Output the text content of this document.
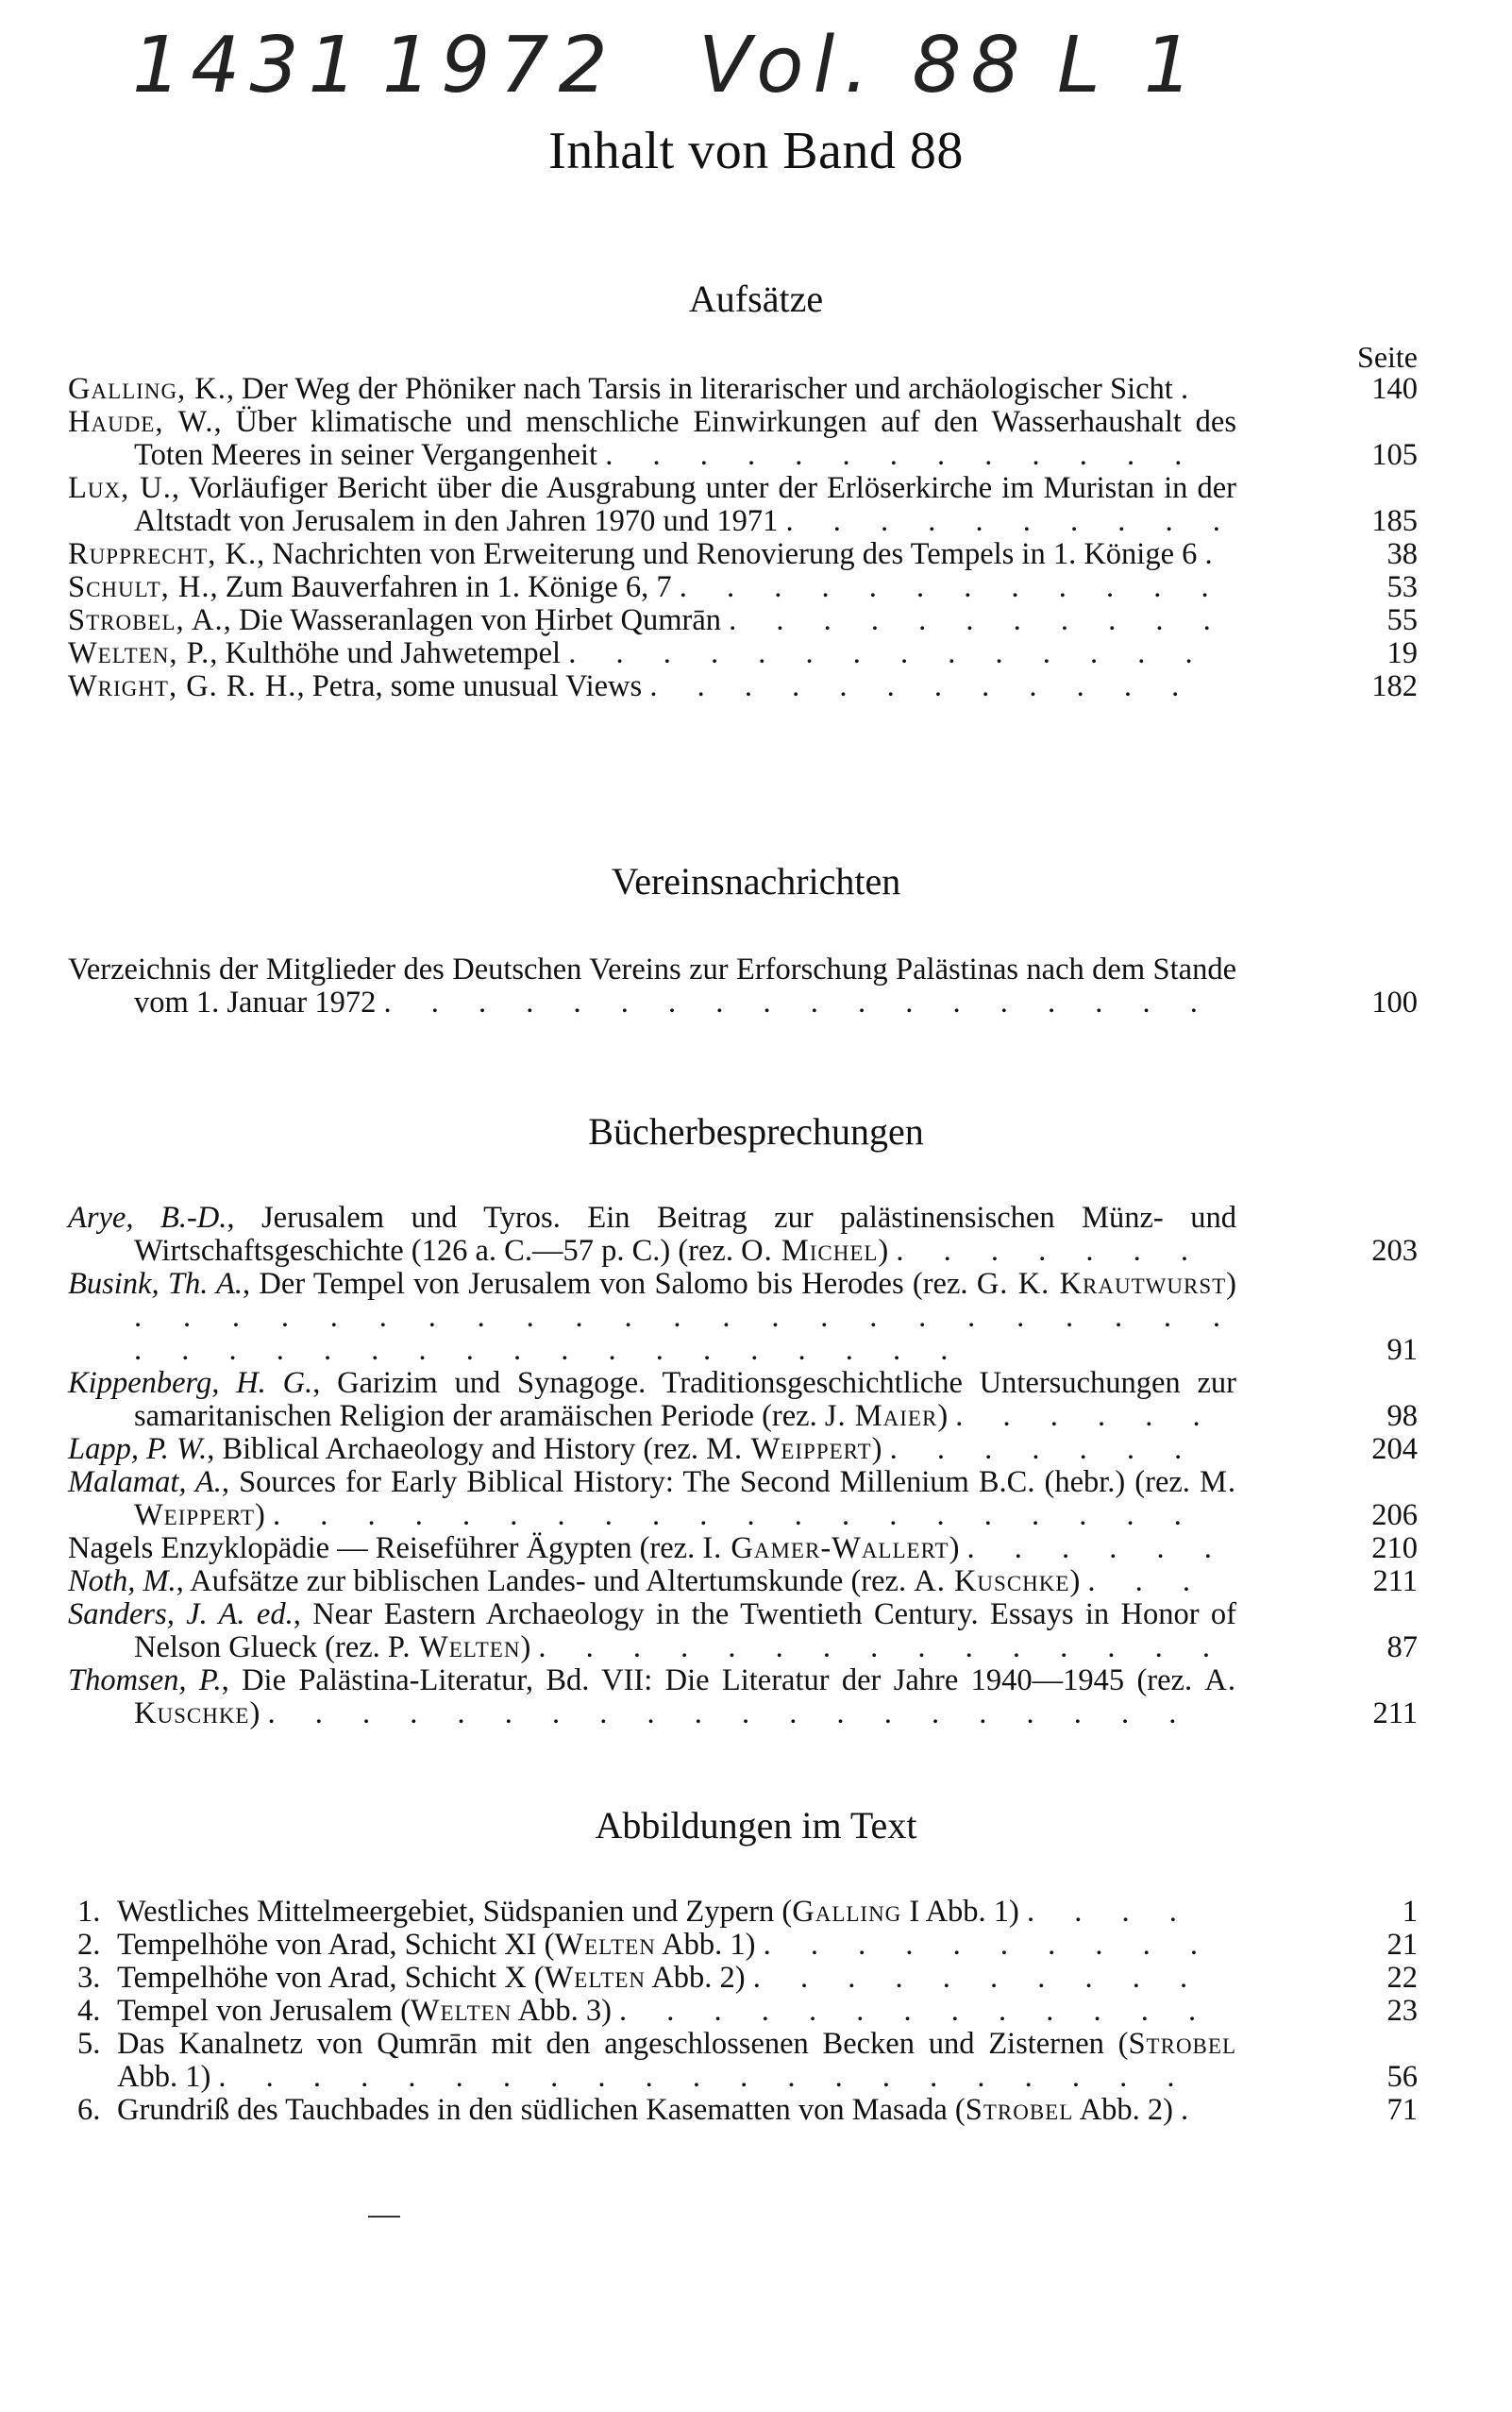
1431 1972 Vol. 88 L 1
Inhalt von Band 88
Aufsätze
Seite
Galling, K., Der Weg der Phöniker nach Tarsis in literarischer und archäologischer Sicht .	140
Haude, W., Über klimatische und menschliche Einwirkungen auf den Wasserhaushalt des Toten Meeres in seiner Vergangenheit . . . . . . . . . . . . .	105
Lux, U., Vorläufiger Bericht über die Ausgrabung unter der Erlöserkirche im Muristan in der Altstadt von Jerusalem in den Jahren 1970 und 1971 . . . . . . . . . .	185
Rupprecht, K., Nachrichten von Erweiterung und Renovierung des Tempels in 1. Könige 6 .	38
Schult, H., Zum Bauverfahren in 1. Könige 6, 7 . . . . . . . . . . . .	53
Strobel, A., Die Wasseranlagen von Ḫirbet Qumrān . . . . . . . . . . .	55
Welten, P., Kulthöhe und Jahwetempel . . . . . . . . . . . . . .	19
Wright, G. R. H., Petra, some unusual Views . . . . . . . . . . . .	182
Vereinsnachrichten
Verzeichnis der Mitglieder des Deutschen Vereins zur Erforschung Palästinas nach dem Stande vom 1. Januar 1972 . . . . . . . . . . . . . . . . . .	100
Bücherbesprechungen
Arye, B.-D., Jerusalem und Tyros. Ein Beitrag zur palästinensischen Münz- und Wirtschaftsgeschichte (126 a. C.—57 p. C.) (rez. O. Michel) . . . . . . .	203
Busink, Th. A., Der Tempel von Jerusalem von Salomo bis Herodes (rez. G. K. Krautwurst) . . . . . . . . . . . . . . . . . . . . . . . . . . . . . . . . . . . . . . . . .	91
Kippenberg, H. G., Garizim und Synagoge. Traditionsgeschichtliche Untersuchungen zur samaritanischen Religion der aramäischen Periode (rez. J. Maier) . . . . . .	98
Lapp, P. W., Biblical Archaeology and History (rez. M. Weippert) . . . . . . .	204
Malamat, A., Sources for Early Biblical History: The Second Millenium B.C. (hebr.) (rez. M. Weippert) . . . . . . . . . . . . . . . . . . . .	206
Nagels Enzyklopädie — Reiseführer Ägypten (rez. I. Gamer-Wallert) . . . . . .	210
Noth, M., Aufsätze zur biblischen Landes- und Altertumskunde (rez. A. Kuschke) . . .	211
Sanders, J. A. ed., Near Eastern Archaeology in the Twentieth Century. Essays in Honor of Nelson Glueck (rez. P. Welten) . . . . . . . . . . . . . . .	87
Thomsen, P., Die Palästina-Literatur, Bd. VII: Die Literatur der Jahre 1940—1945 (rez. A. Kuschke) . . . . . . . . . . . . . . . . . . . .	211
Abbildungen im Text
1. Westliches Mittelmeergebiet, Südspanien und Zypern (Galling I Abb. 1) . . . .	1
2. Tempelhöhe von Arad, Schicht XI (Welten Abb. 1) . . . . . . . . . .	21
3. Tempelhöhe von Arad, Schicht X (Welten Abb. 2) . . . . . . . . . .	22
4. Tempel von Jerusalem (Welten Abb. 3) . . . . . . . . . . . . .	23
5. Das Kanalnetz von Qumrān mit den angeschlossenen Becken und Zisternen (Strobel Abb. 1) . . . . . . . . . . . . . . . . . . . . .	56
6. Grundriß des Tauchbades in den südlichen Kasematten von Masada (Strobel Abb. 2) .	71
